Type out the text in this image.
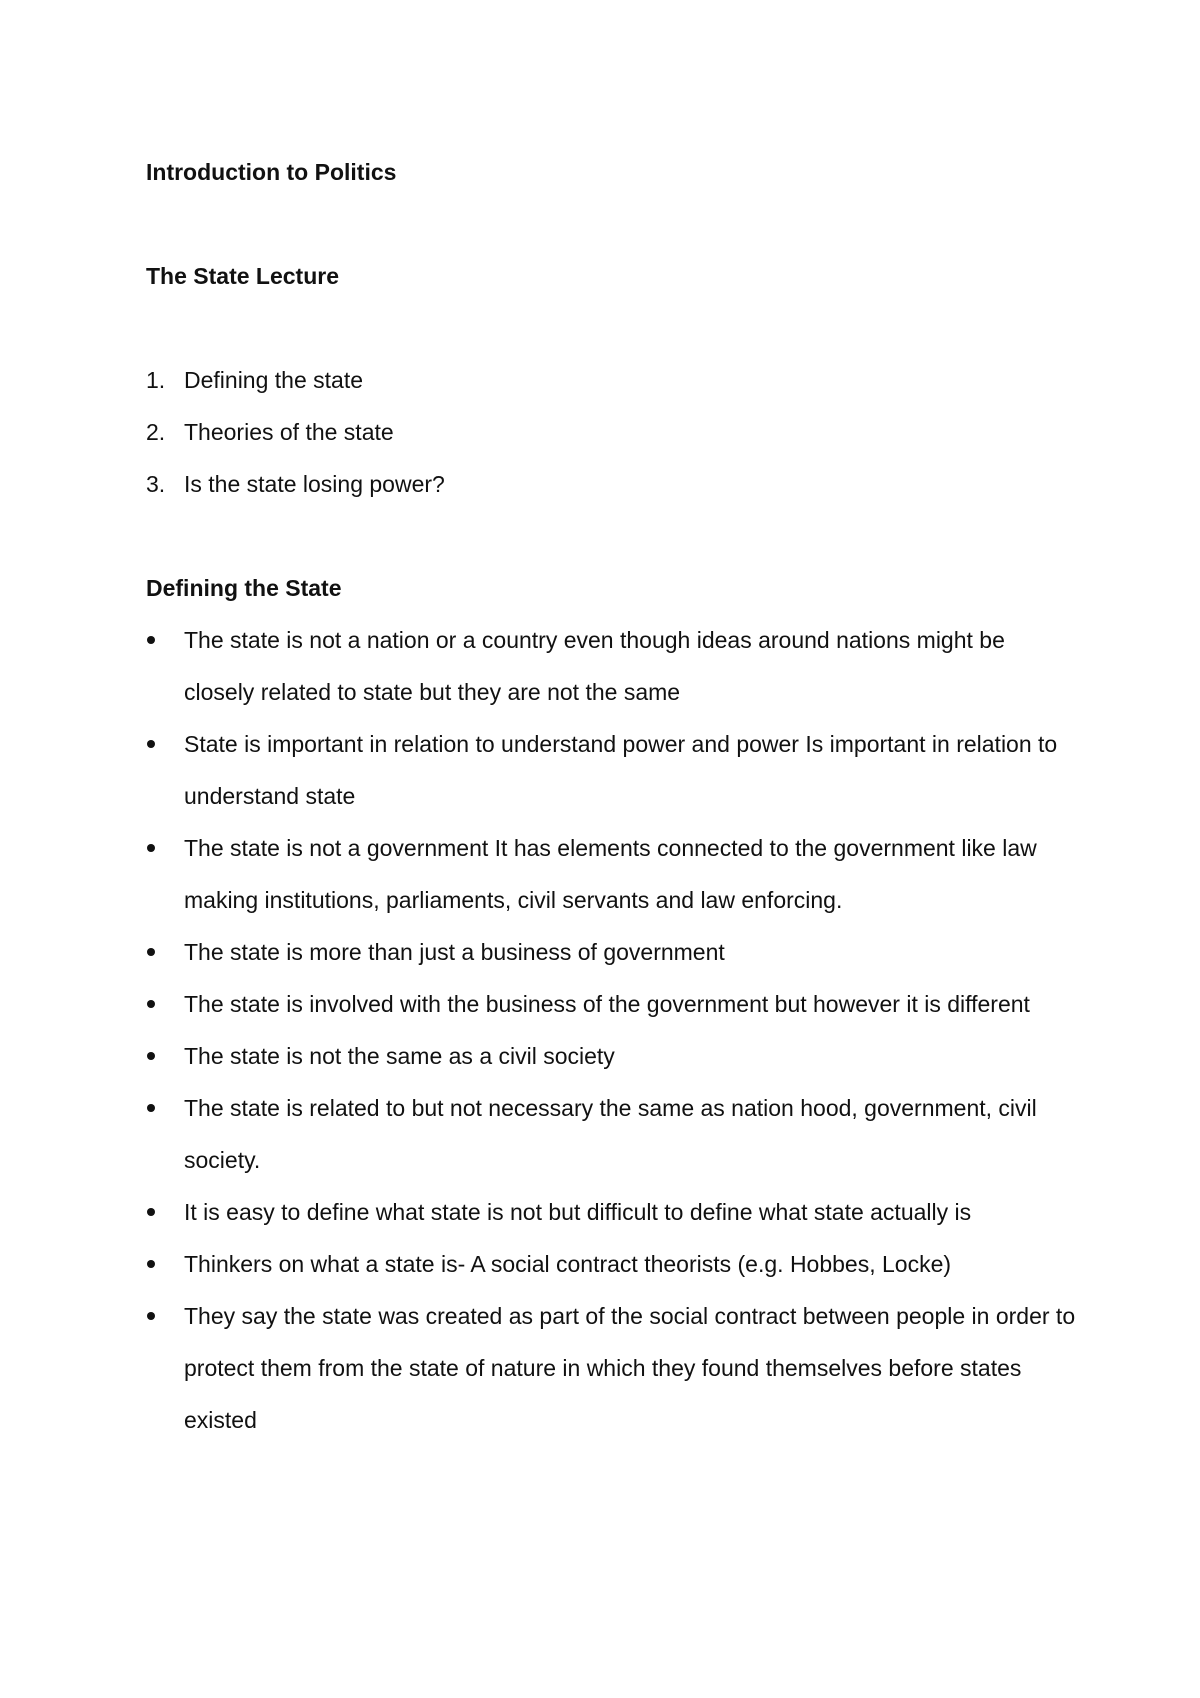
Introduction to Politics

The State Lecture

1. Defining the state
2. Theories of the state
3. Is the state losing power?

Defining the State

The state is not a nation or a country even though ideas around nations might be closely related to state but they are not the same
State is important in relation to understand power and power Is important in relation to understand state
The state is not a government It has elements connected to the government like law making institutions, parliaments, civil servants and law enforcing.
The state is more than just a business of government
The state is involved with the business of the government but however it is different
The state is not the same as a civil society
The state is related to but not necessary the same as nation hood, government, civil society.
It is easy to define what state is not but difficult to define what state actually is
Thinkers on what a state is- A social contract theorists (e.g. Hobbes, Locke)
They say the state was created as part of the social contract between people in order to protect them from the state of nature in which they found themselves before states existed
